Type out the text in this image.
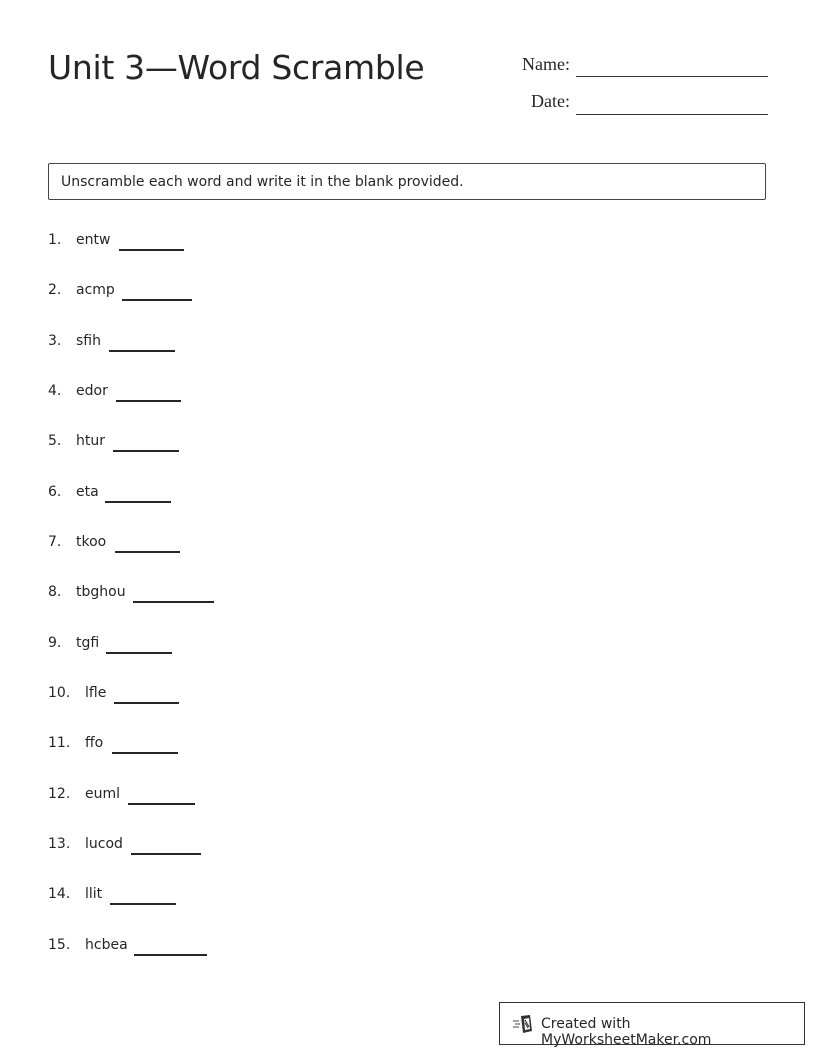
Unit 3—Word Scramble	Name:
Date:
Unscramble each word and write it in the blank provided.
1. entw
2. acmp
3. sfih
4. edor
5. htur
6. eta
7. tkoo
8. tbghou
9. tgfi
10. lfle
11. ffo
12. euml
13. lucod
14. llit
15. hcbea
Created with MyWorksheetMaker.com
